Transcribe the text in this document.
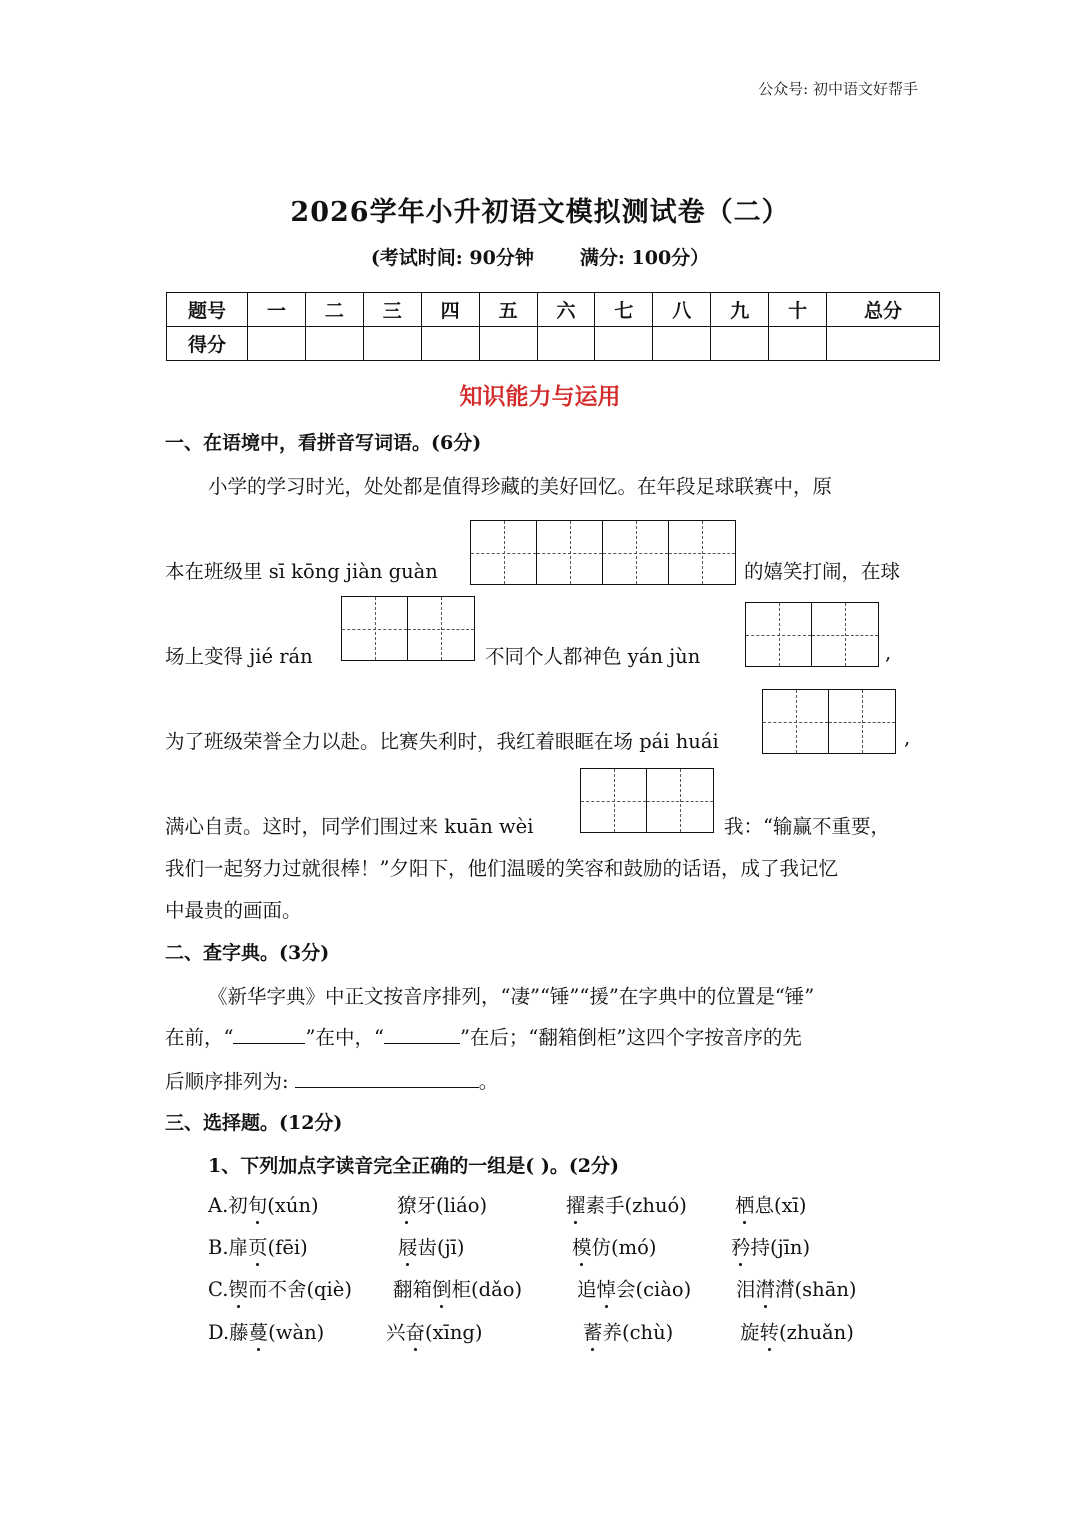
公众号: 初中语文好帮手
2026学年小升初语文模拟测试卷（二）
(考试时间: 90分钟 满分: 100分）
题号	一	二	三	四	五	六	七	八	九	十	总分
得分											
知识能力与运用
一、在语境中，看拼音写词语。(6分)
小学的学习时光，处处都是值得珍藏的美好回忆。在年段足球联赛中，原
本在班级里 sī kōng jiàn guàn	的嬉笑打闹，在球
场上变得 jié rán	不同个人都神色 yán jùn	,
为了班级荣誉全力以赴。比赛失利时，我红着眼眶在场 pái huái	,
满心自责。这时，同学们围过来 kuān wèi	我：“输赢不重要，
我们一起努力过就很棒！”夕阳下，他们温暖的笑容和鼓励的话语，成了我记忆
中最贵的画面。
二、查字典。(3分)
《新华字典》中正文按音序排列，“凄”“锤”“援”在字典中的位置是“锤”
在前，“	”在中，“	”在后；“翻箱倒柜”这四个字按音序的先
后顺序排列为:	。
三、选择题。(12分)
1、下列加点字读音完全正确的一组是( )。(2分)
A.初旬(xún)	獠牙(liáo)	擢素手(zhuó) 栖息(xī)
B.扉页(fēi)	屐齿(jī)	模仿(mó)	矜持(jīn)
C.锲而不舍(qiè) 翻箱倒柜(dǎo)	追悼会(ciào) 泪潸潸(shān)
D.藤蔓(wàn)	兴奋(xīng)	蓄养(chù)	旋转(zhuǎn)
